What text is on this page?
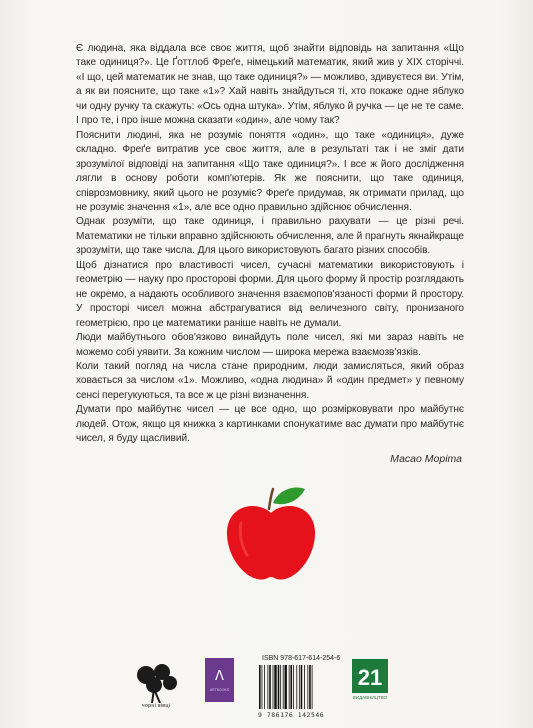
Є людина, яка віддала все своє життя, щоб знайти відповідь на запитання «Що таке одиниця?». Це Ґоттлоб Фреґе, німецький математик, який жив у XIX сторіччі. «І що, цей математик не знав, що таке одиниця?» — можливо, здивуєтеся ви. Утім, а як ви поясните, що таке «1»? Хай навіть знайдуться ті, хто покаже одне яблуко чи одну ручку та скажуть: «Ось одна штука». Утім, яблуко й ручка — це не те саме. І про те, і про інше можна сказати «один», але чому так?

Пояснити людині, яка не розуміє поняття «один», що таке «одиниця», дуже складно. Фреґе витратив усе своє життя, але в результаті так і не зміг дати зрозумілої відповіді на запитання «Що таке одиниця?». І все ж його дослідження лягли в основу роботи комп'ютерів. Як же пояснити, що таке одиниця, співрозмовнику, який цього не розуміє? Фреґе придумав, як отримати прилад, що не розуміє значення «1», але все одно правильно здійснює обчислення.

Однак розуміти, що таке одиниця, і правильно рахувати — це різні речі. Математики не тільки вправно здійснюють обчислення, але й прагнуть якнайкраще зрозуміти, що таке числа. Для цього використовують багато різних способів.

Щоб дізнатися про властивості чисел, сучасні математики використовують і геометрію — науку про просторові форми. Для цього форму й простір розглядають не окремо, а надають особливого значення взаємопов'язаності форми й простору. У просторі чисел можна абстрагуватися від величезного світу, пронизаного геометрією, про це математики раніше навіть не думали.

Люди майбутнього обов'язково винайдуть поле чисел, які ми зараз навіть не можемо собі уявити. За кожним числом — широка мережа взаємозв'язків.

Коли такий погляд на числа стане природним, люди замисляться, який образ ховається за числом «1». Можливо, «одна людина» й «один предмет» у певному сенсі перегукуються, та все ж це різні визначення.

Думати про майбутнє чисел — це все одно, що розмірковувати про майбутнє людей. Отож, якщо ця книжка з картинками спонукатиме вас думати про майбутнє чисел, я буду щасливий.

Масао Моріта
чорні вівці
Λ
ARTBOOKS
ISBN 978-617-614-254-6
9 786176 142546
21
ВИДАВНИЦТВО
